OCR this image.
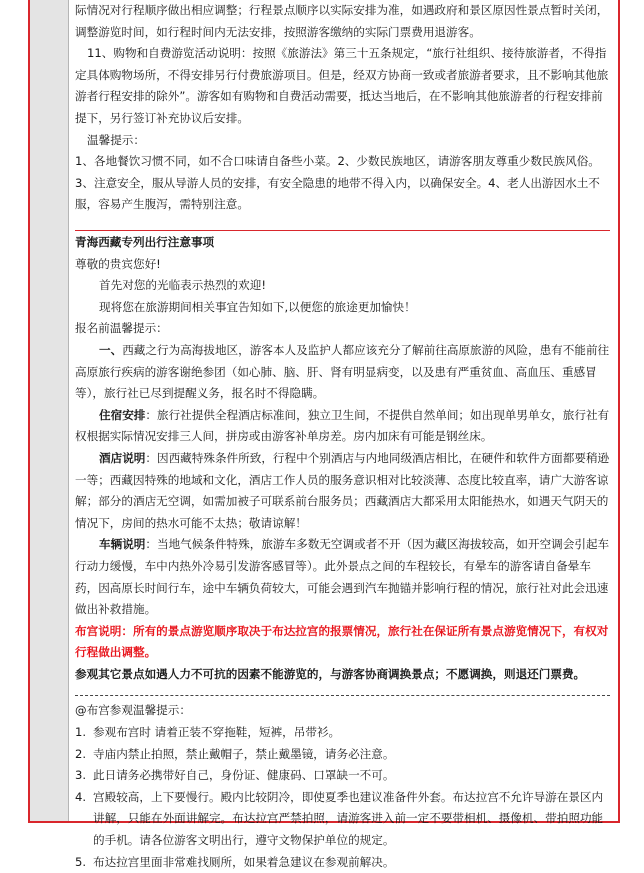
际情况对行程顺序做出相应调整；行程景点顺序以实际安排为准，如遇政府和景区原因性景点暂时关闭，调整游览时间，如行程时间内无法安排，按照游客缴纳的实际门票费用退游客。

11、购物和自费游览活动说明：按照《旅游法》第三十五条规定，“旅行社组织、接待旅游者，不得指定具体购物场所，不得安排另行付费旅游项目。但是，经双方协商一致或者旅游者要求，且不影响其他旅游者行程安排的除外”。游客如有购物和自费活动需要，抵达当地后，在不影响其他旅游者的行程安排前提下，另行签订补充协议后安排。

温馨提示：

1、各地餐饮习惯不同，如不合口味请自备些小菜。2、少数民族地区，请游客朋友尊重少数民族风俗。3、注意安全，服从导游人员的安排，有安全隐患的地带不得入内，以确保安全。4、老人出游因水土不服，容易产生腹泻，需特别注意。

青海西藏专列出行注意事项

尊敬的贵宾您好!

首先对您的光临表示热烈的欢迎!

现将您在旅游期间相关事宜告知如下,以便您的旅途更加愉快！

报名前温馨提示：

一、西藏之行为高海拔地区，游客本人及监护人都应该充分了解前往高原旅游的风险，患有不能前往高原旅行疾病的游客谢绝参团（如心肺、脑、肝、肾有明显病变，以及患有严重贫血、高血压、重感冒等），旅行社已尽到提醒义务，报名时不得隐瞒。

住宿安排：旅行社提供全程酒店标准间，独立卫生间，不提供自然单间；如出现单男单女，旅行社有权根据实际情况安排三人间，拼房或由游客补单房差。房内加床有可能是钢丝床。

酒店说明：因西藏特殊条件所致，行程中个别酒店与内地同级酒店相比，在硬件和软件方面都要稍逊一等；西藏因特殊的地域和文化，酒店工作人员的服务意识相对比较淡薄、态度比较直率，请广大游客谅解；部分的酒店无空调，如需加被子可联系前台服务员；西藏酒店大都采用太阳能热水，如遇天气阴天的情况下，房间的热水可能不太热；敬请谅解！

车辆说明：当地气候条件特殊，旅游车多数无空调或者不开（因为藏区海拔较高，如开空调会引起车行动力缓慢，车中内热外冷易引发游客感冒等）。此外景点之间的车程较长，有晕车的游客请自备晕车药，因高原长时间行车，途中车辆负荷较大，可能会遇到汽车抛锚并影响行程的情况，旅行社对此会迅速做出补救措施。

布宫说明：所有的景点游览顺序取决于布达拉宫的报票情况，旅行社在保证所有景点游览情况下，有权对行程做出调整。

参观其它景点如遇人力不可抗的因素不能游览的，与游客协商调换景点；不愿调换，则退还门票费。

@布宫参观温馨提示：

1. 参观布宫时 请着正装不穿拖鞋，短裤，吊带衫。
2. 寺庙内禁止拍照，禁止戴帽子，禁止戴墨镜，请务必注意。
3. 此日请务必携带好自己，身份证、健康码、口罩缺一不可。
4. 宫殿较高，上下要慢行。殿内比较阴冷，即使夏季也建议准备件外套。布达拉宫不允许导游在景区内讲解，只能在外面讲解完。布达拉宫严禁拍照，请游客进入前一定不要带相机、摄像机、带拍照功能的手机。请各位游客文明出行，遵守文物保护单位的规定。
5. 布达拉宫里面非常难找厕所，如果着急建议在参观前解决。
